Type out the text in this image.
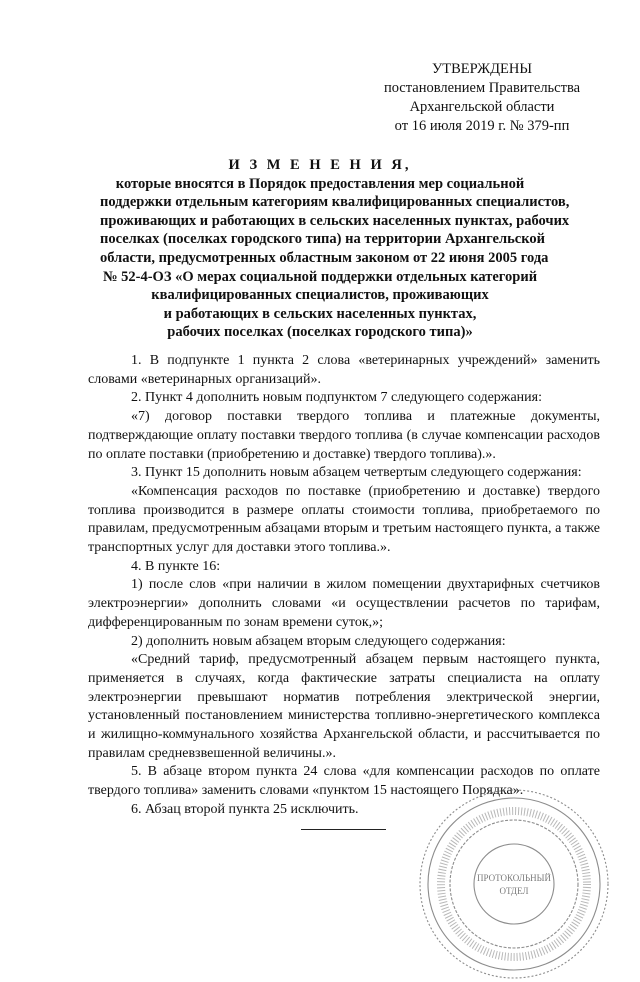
УТВЕРЖДЕНЫ
постановлением Правительства
Архангельской области
от 16 июля 2019 г. № 379-пп
И З М Е Н Е Н И Я,
которые вносятся в Порядок предоставления мер социальной
поддержки отдельным категориям квалифицированных специалистов,
проживающих и работающих в сельских населенных пунктах, рабочих
поселках (поселках городского типа) на территории Архангельской
области, предусмотренных областным законом от 22 июня 2005 года
№ 52-4-ОЗ «О мерах социальной поддержки отдельных категорий
квалифицированных специалистов, проживающих
и работающих в сельских населенных пунктах,
рабочих поселках (поселках городского типа)»

1. В подпункте 1 пункта 2 слова «ветеринарных учреждений» заменить словами «ветеринарных организаций».

2. Пункт 4 дополнить новым подпунктом 7 следующего содержания:

«7) договор поставки твердого топлива и платежные документы, подтверждающие оплату поставки твердого топлива (в случае компенсации расходов по оплате поставки (приобретению и доставке) твердого топлива).».

3. Пункт 15 дополнить новым абзацем четвертым следующего содержания:

«Компенсация расходов по поставке (приобретению и доставке) твердого топлива производится в размере оплаты стоимости топлива, приобретаемого по правилам, предусмотренным абзацами вторым и третьим настоящего пункта, а также транспортных услуг для доставки этого топлива.».

4. В пункте 16:

1) после слов «при наличии в жилом помещении двухтарифных счетчиков электроэнергии» дополнить словами «и осуществлении расчетов по тарифам, дифференцированным по зонам времени суток,»;

2) дополнить новым абзацем вторым следующего содержания:

«Средний тариф, предусмотренный абзацем первым настоящего пункта, применяется в случаях, когда фактические затраты специалиста на оплату электроэнергии превышают норматив потребления электрической энергии, установленный постановлением министерства топливно-энергетического комплекса и жилищно-коммунального хозяйства Архангельской области, и рассчитывается по правилам средневзвешенной величины.».

5. В абзаце втором пункта 24 слова «для компенсации расходов по оплате твердого топлива» заменить словами «пунктом 15 настоящего Порядка».

6. Абзац второй пункта 25 исключить.

ПРОТОКОЛЬНЫЙ
ОТДЕЛ
